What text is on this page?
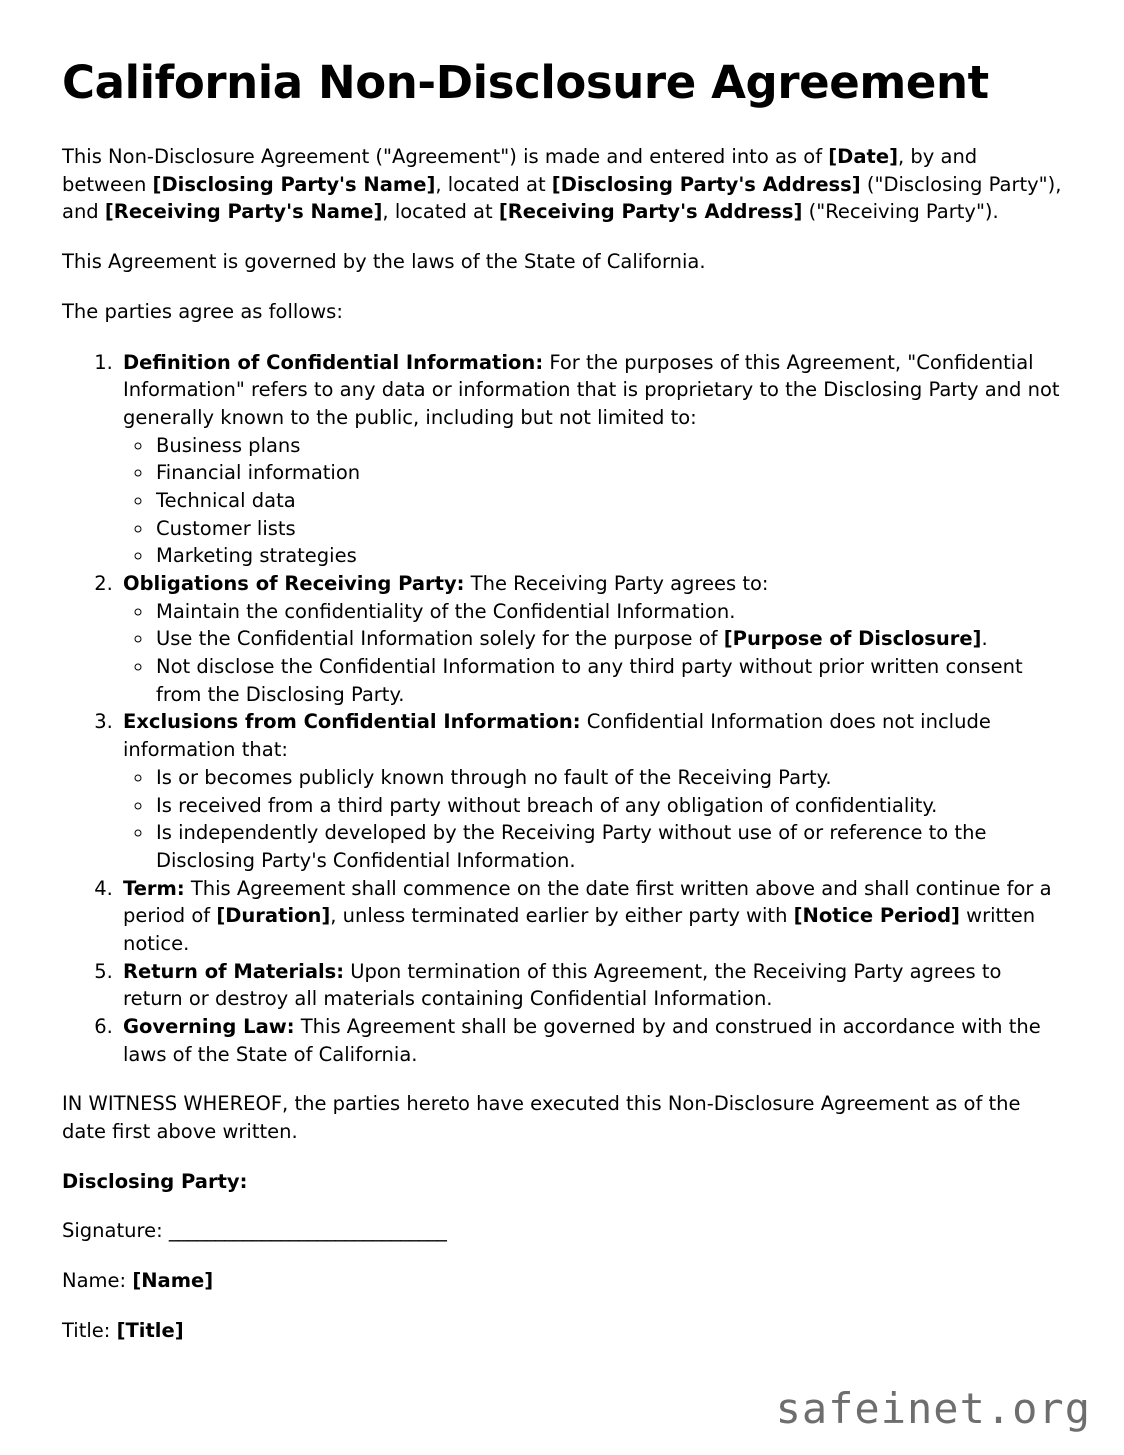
California Non-Disclosure Agreement

This Non-Disclosure Agreement ("Agreement") is made and entered into as of [Date], by and between [Disclosing Party's Name], located at [Disclosing Party's Address] ("Disclosing Party"), and [Receiving Party's Name], located at [Receiving Party's Address] ("Receiving Party").

This Agreement is governed by the laws of the State of California.

The parties agree as follows:

1. Definition of Confidential Information: For the purposes of this Agreement, "Confidential Information" refers to any data or information that is proprietary to the Disclosing Party and not generally known to the public, including but not limited to:
◦ Business plans
◦ Financial information
◦ Technical data
◦ Customer lists
◦ Marketing strategies
2. Obligations of Receiving Party: The Receiving Party agrees to:
◦ Maintain the confidentiality of the Confidential Information.
◦ Use the Confidential Information solely for the purpose of [Purpose of Disclosure].
◦ Not disclose the Confidential Information to any third party without prior written consent from the Disclosing Party.
3. Exclusions from Confidential Information: Confidential Information does not include information that:
◦ Is or becomes publicly known through no fault of the Receiving Party.
◦ Is received from a third party without breach of any obligation of confidentiality.
◦ Is independently developed by the Receiving Party without use of or reference to the Disclosing Party's Confidential Information.
4. Term: This Agreement shall commence on the date first written above and shall continue for a period of [Duration], unless terminated earlier by either party with [Notice Period] written notice.
5. Return of Materials: Upon termination of this Agreement, the Receiving Party agrees to return or destroy all materials containing Confidential Information.
6. Governing Law: This Agreement shall be governed by and construed in accordance with the laws of the State of California.

IN WITNESS WHEREOF, the parties hereto have executed this Non-Disclosure Agreement as of the date first above written.

Disclosing Party:
Signature: ______________________________
Name: [Name]
Title: [Title]
safeinet.org
